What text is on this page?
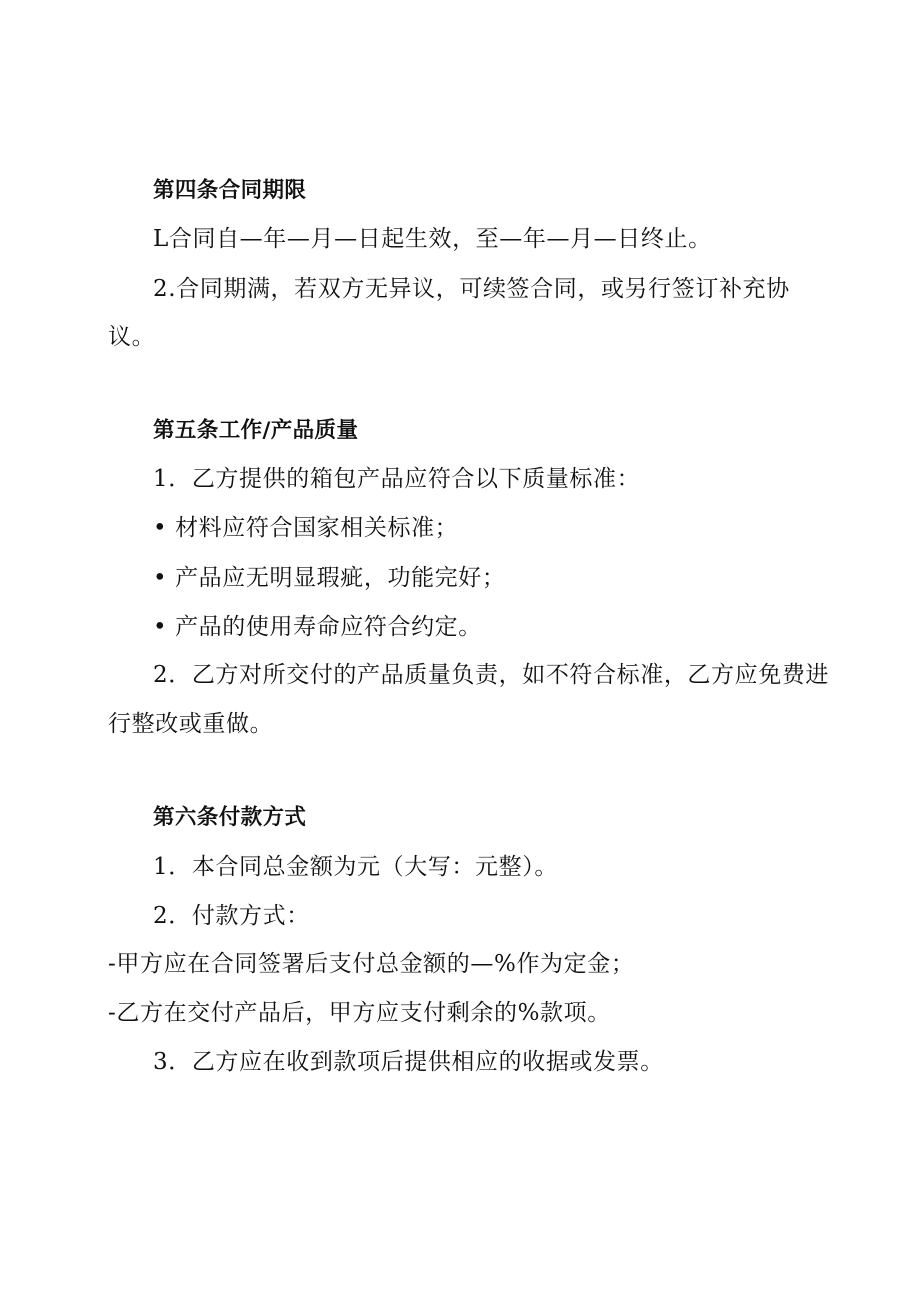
第四条合同期限
L合同自—年—月—日起生效，至—年—月—日终止。
2.合同期满，若双方无异议，可续签合同，或另行签订补充协
议。
第五条工作/产品质量
1．乙方提供的箱包产品应符合以下质量标准：
• 材料应符合国家相关标准；
• 产品应无明显瑕疵，功能完好；
• 产品的使用寿命应符合约定。
2．乙方对所交付的产品质量负责，如不符合标准，乙方应免费进
行整改或重做。
第六条付款方式
1．本合同总金额为元（大写：元整）。
2．付款方式：
-甲方应在合同签署后支付总金额的—%作为定金；
-乙方在交付产品后，甲方应支付剩余的%款项。
3．乙方应在收到款项后提供相应的收据或发票。
